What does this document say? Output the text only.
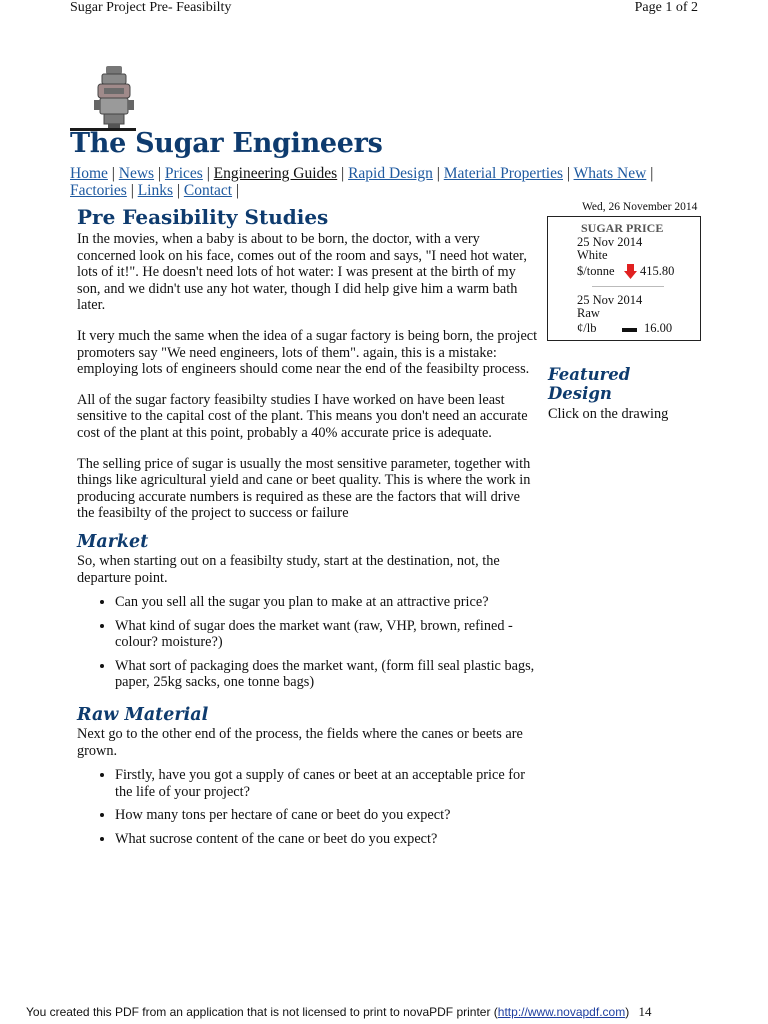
Sugar Project Pre- Feasibilty	Page 1 of 2
The Sugar Engineers
Home | News | Prices | Engineering Guides | Rapid Design | Material Properties | Whats New | Factories | Links | Contact |
Pre Feasibility Studies

In the movies, when a baby is about to be born, the doctor, with a very concerned look on his face, comes out of the room and says, "I need hot water, lots of it!". He doesn't need lots of hot water: I was present at the birth of my son, and we didn't use any hot water, though I did help give him a warm bath later.

It very much the same when the idea of a sugar factory is being born, the project promoters say "We need engineers, lots of them". again, this is a mistake: employing lots of engineers should come near the end of the feasibilty process.

All of the sugar factory feasibilty studies I have worked on have been least sensitive to the capital cost of the plant. This means you don't need an accurate cost of the plant at this point, probably a 40% accurate price is adequate.

The selling price of sugar is usually the most sensitive parameter, together with things like agricultural yield and cane or beet quality. This is where the work in producing accurate numbers is required as these are the factors that will drive the feasibilty of the project to success or failure

Market

So, when starting out on a feasibilty study, start at the destination, not, the departure point.

• Can you sell all the sugar you plan to make at an attractive price?
• What kind of sugar does the market want (raw, VHP, brown, refined - colour? moisture?)
• What sort of packaging does the market want, (form fill seal plastic bags, paper, 25kg sacks, one tonne bags)
Raw Material

Next go to the other end of the process, the fields where the canes or beets are grown.

• Firstly, have you got a supply of canes or beet at an acceptable price for the life of your project?
• How many tons per hectare of cane or beet do you expect?
• What sucrose content of the cane or beet do you expect?
Wed, 26 November 2014
SUGAR PRICE
25 Nov 2014
White
$/tonne 415.80
25 Nov 2014
Raw
¢/lb	16.00
Featured Design
Click on the drawing
You created this PDF from an application that is not licensed to print to novaPDF printer (http://www.novapdf.com) 14
